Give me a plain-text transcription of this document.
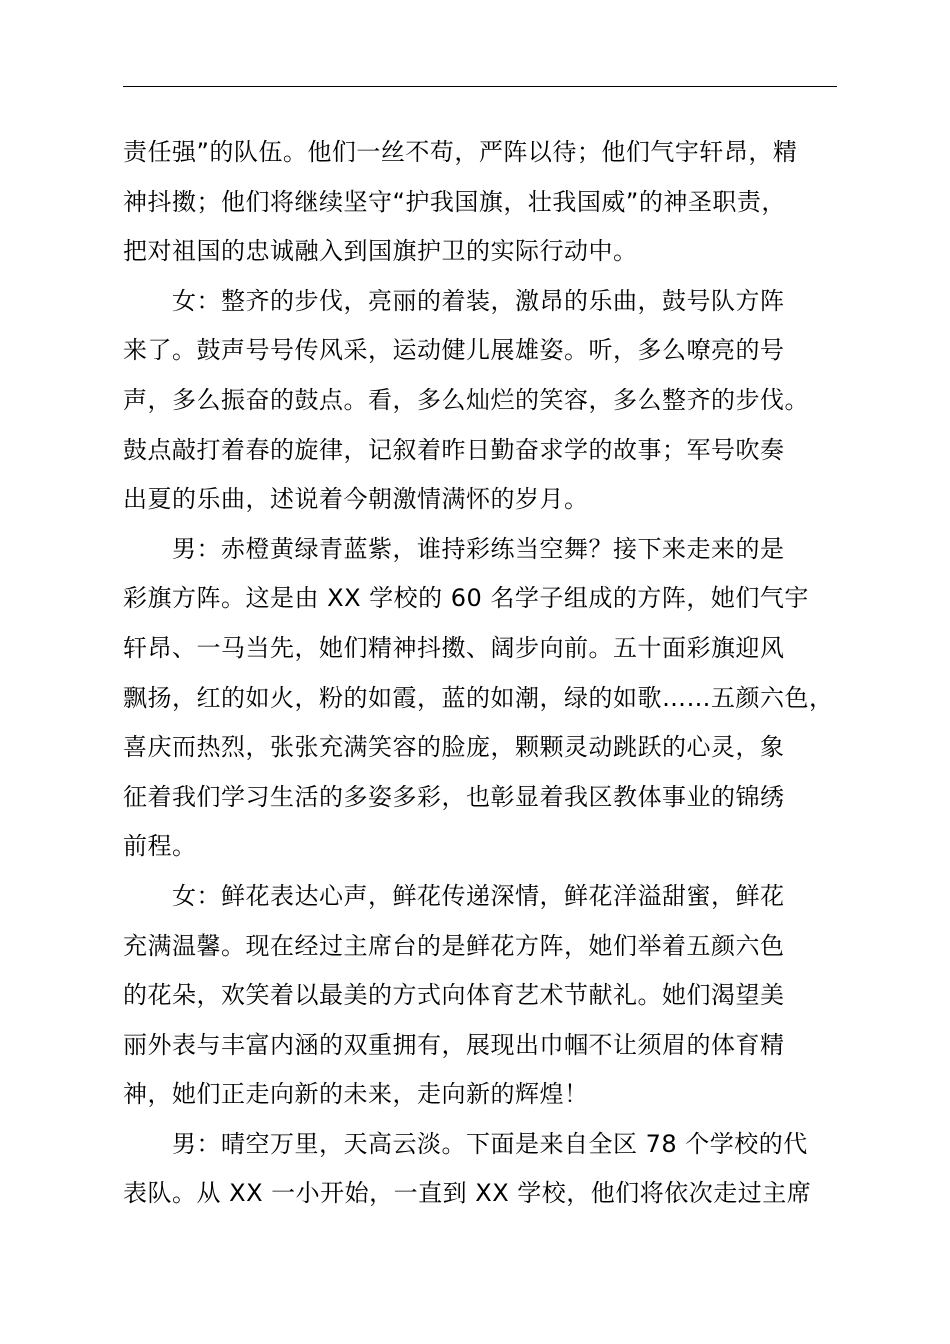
责任强”的队伍。他们一丝不苟，严阵以待；他们气宇轩昂，精
神抖擞；他们将继续坚守“护我国旗，壮我国威”的神圣职责，
把对祖国的忠诚融入到国旗护卫的实际行动中。
女：整齐的步伐，亮丽的着装，激昂的乐曲，鼓号队方阵
来了。鼓声号号传风采，运动健儿展雄姿。听，多么嘹亮的号
声，多么振奋的鼓点。看，多么灿烂的笑容，多么整齐的步伐。
鼓点敲打着春的旋律，记叙着昨日勤奋求学的故事；军号吹奏
出夏的乐曲，述说着今朝激情满怀的岁月。
男：赤橙黄绿青蓝紫，谁持彩练当空舞？接下来走来的是
彩旗方阵。这是由 XX 学校的 60 名学子组成的方阵，她们气宇
轩昂、一马当先，她们精神抖擞、阔步向前。五十面彩旗迎风
飘扬，红的如火，粉的如霞，蓝的如潮，绿的如歌……五颜六色，
喜庆而热烈，张张充满笑容的脸庞，颗颗灵动跳跃的心灵，象
征着我们学习生活的多姿多彩，也彰显着我区教体事业的锦绣
前程。
女：鲜花表达心声，鲜花传递深情，鲜花洋溢甜蜜，鲜花
充满温馨。现在经过主席台的是鲜花方阵，她们举着五颜六色
的花朵，欢笑着以最美的方式向体育艺术节献礼。她们渴望美
丽外表与丰富内涵的双重拥有，展现出巾帼不让须眉的体育精
神，她们正走向新的未来，走向新的辉煌！
男：晴空万里，天高云淡。下面是来自全区 78 个学校的代
表队。从 XX 一小开始，一直到 XX 学校，他们将依次走过主席
